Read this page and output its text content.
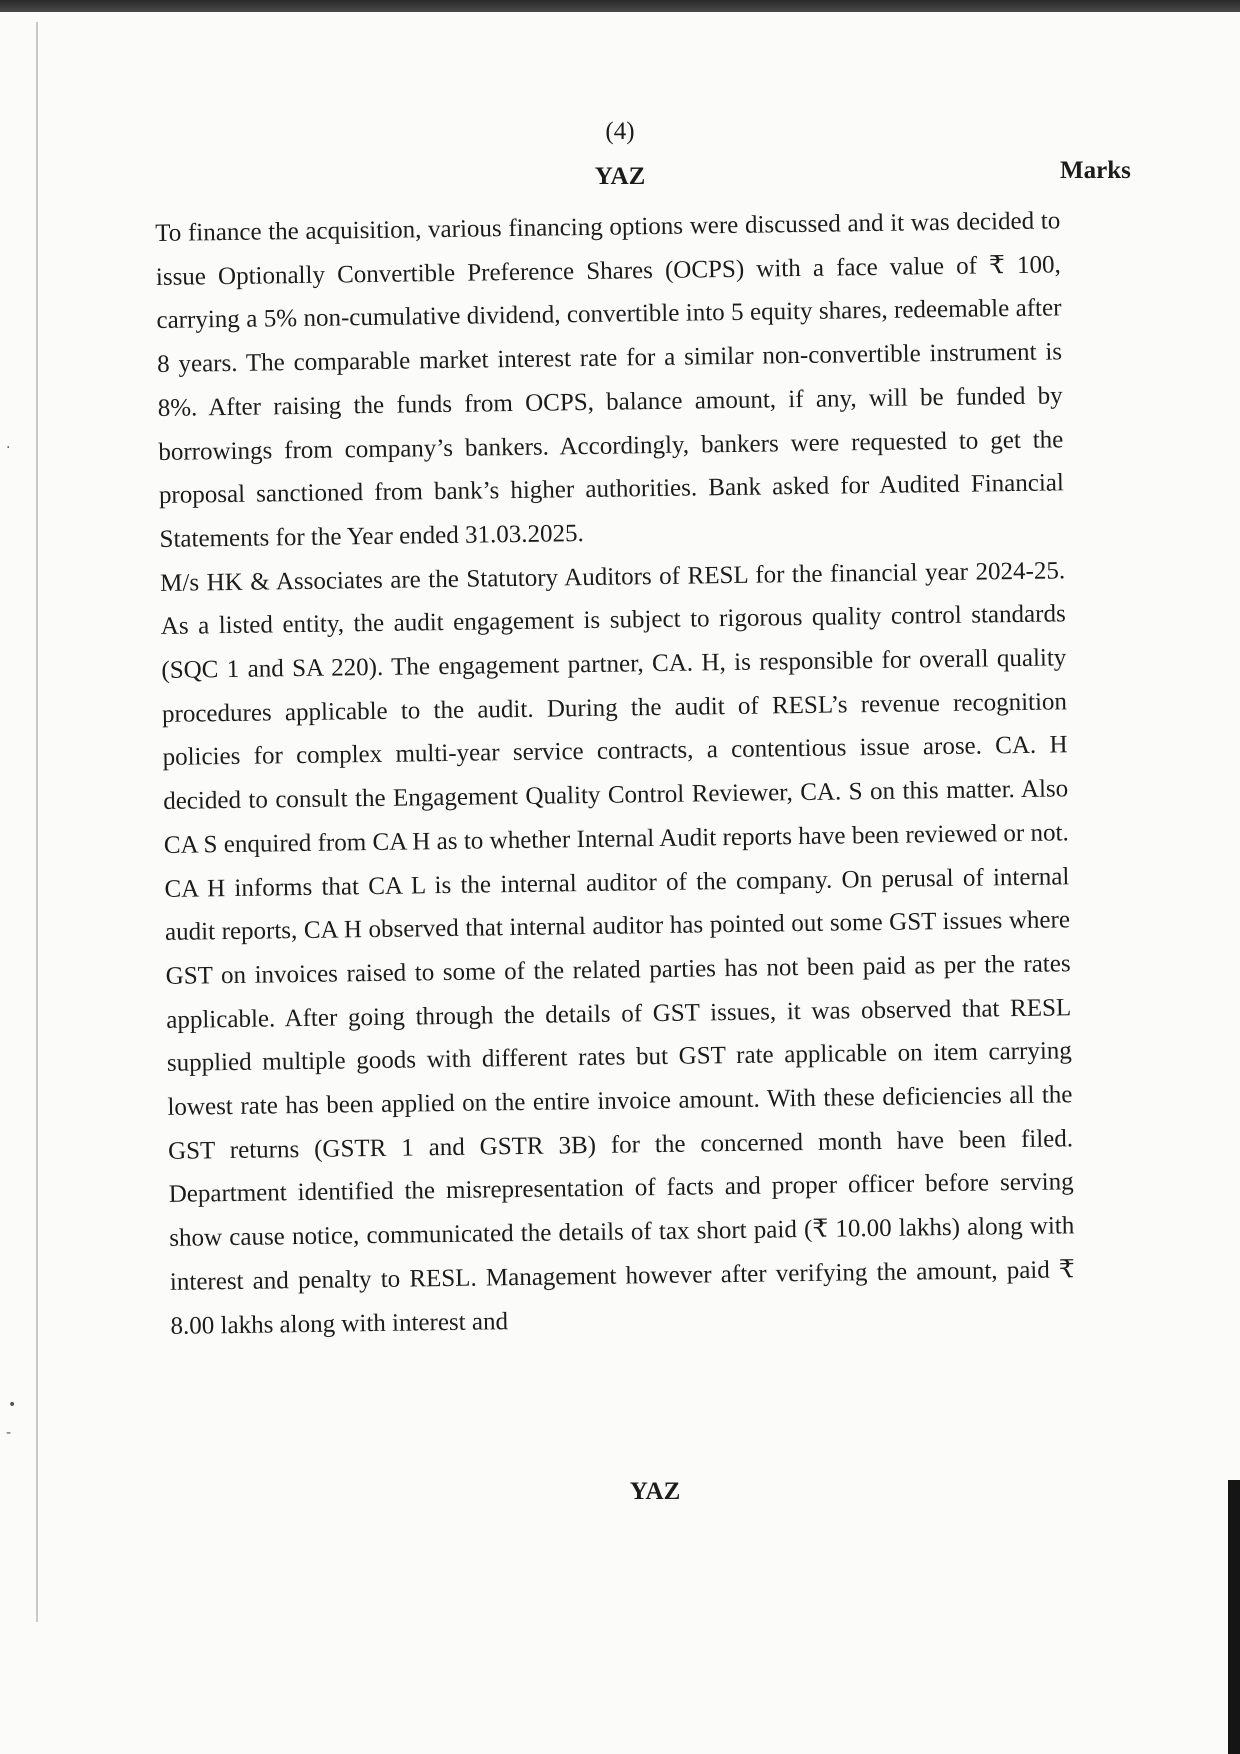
·
•
-
(4)
YAZ	Marks

To finance the acquisition, various financing options were discussed and it was decided to issue Optionally Convertible Preference Shares (OCPS) with a face value of ₹ 100, carrying a 5% non-cumulative dividend, convertible into 5 equity shares, redeemable after 8 years. The comparable market interest rate for a similar non-convertible instrument is 8%. After raising the funds from OCPS, balance amount, if any, will be funded by borrowings from company’s bankers. Accordingly, bankers were requested to get the proposal sanctioned from bank’s higher authorities. Bank asked for Audited Financial Statements for the Year ended 31.03.2025.

M/s HK & Associates are the Statutory Auditors of RESL for the financial year 2024-25. As a listed entity, the audit engagement is subject to rigorous quality control standards (SQC 1 and SA 220). The engagement partner, CA. H, is responsible for overall quality procedures applicable to the audit. During the audit of RESL’s revenue recognition policies for complex multi-year service contracts, a contentious issue arose. CA. H decided to consult the Engagement Quality Control Reviewer, CA. S on this matter. Also CA S enquired from CA H as to whether Internal Audit reports have been reviewed or not. CA H informs that CA L is the internal auditor of the company. On perusal of internal audit reports, CA H observed that internal auditor has pointed out some GST issues where GST on invoices raised to some of the related parties has not been paid as per the rates applicable. After going through the details of GST issues, it was observed that RESL supplied multiple goods with different rates but GST rate applicable on item carrying lowest rate has been applied on the entire invoice amount. With these deficiencies all the GST returns (GSTR 1 and GSTR 3B) for the concerned month have been filed. Department identified the misrepresentation of facts and proper officer before serving show cause notice, communicated the details of tax short paid (₹ 10.00 lakhs) along with interest and penalty to RESL. Management however after verifying the amount, paid ₹ 8.00 lakhs along with interest and

YAZ
